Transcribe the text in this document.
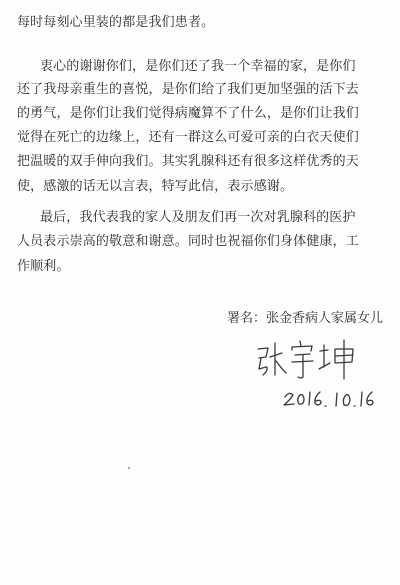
每时每刻心里装的都是我们患者。
衷心的谢谢你们，是你们还了我一个幸福的家，是你们
还了我母亲重生的喜悦，是你们给了我们更加坚强的活下去
的勇气，是你们让我们觉得病魔算不了什么，是你们让我们
觉得在死亡的边缘上，还有一群这么可爱可亲的白衣天使们
把温暖的双手伸向我们。其实乳腺科还有很多这样优秀的天
使，感激的话无以言表，特写此信，表示感谢。
最后，我代表我的家人及朋友们再一次对乳腺科的医护
人员表示崇高的敬意和谢意。同时也祝福你们身体健康，工
作顺利。
署名：张金香病人家属女儿
